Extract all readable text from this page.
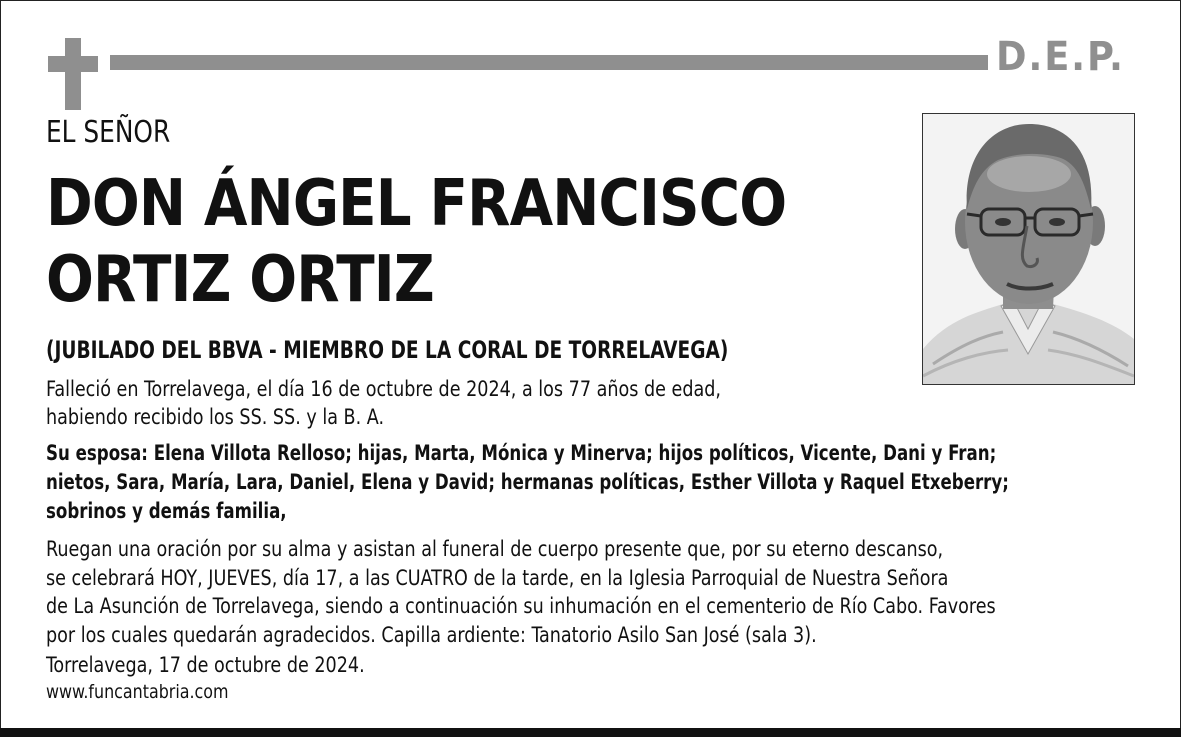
D.E.P.
EL SEÑOR
DON ÁNGEL FRANCISCO
ORTIZ ORTIZ
(JUBILADO DEL BBVA - MIEMBRO DE LA CORAL DE TORRELAVEGA)
Falleció en Torrelavega, el día 16 de octubre de 2024, a los 77 años de edad,
habiendo recibido los SS. SS. y la B. A.
Su esposa: Elena Villota Relloso; hijas, Marta, Mónica y Minerva; hijos políticos, Vicente, Dani y Fran;
nietos, Sara, María, Lara, Daniel, Elena y David; hermanas políticas, Esther Villota y Raquel Etxeberry;
sobrinos y demás familia,
Ruegan una oración por su alma y asistan al funeral de cuerpo presente que, por su eterno descanso,
se celebrará HOY, JUEVES, día 17, a las CUATRO de la tarde, en la Iglesia Parroquial de Nuestra Señora
de La Asunción de Torrelavega, siendo a continuación su inhumación en el cementerio de Río Cabo. Favores
por los cuales quedarán agradecidos. Capilla ardiente: Tanatorio Asilo San José (sala 3).
Torrelavega, 17 de octubre de 2024.
www.funcantabria.com
